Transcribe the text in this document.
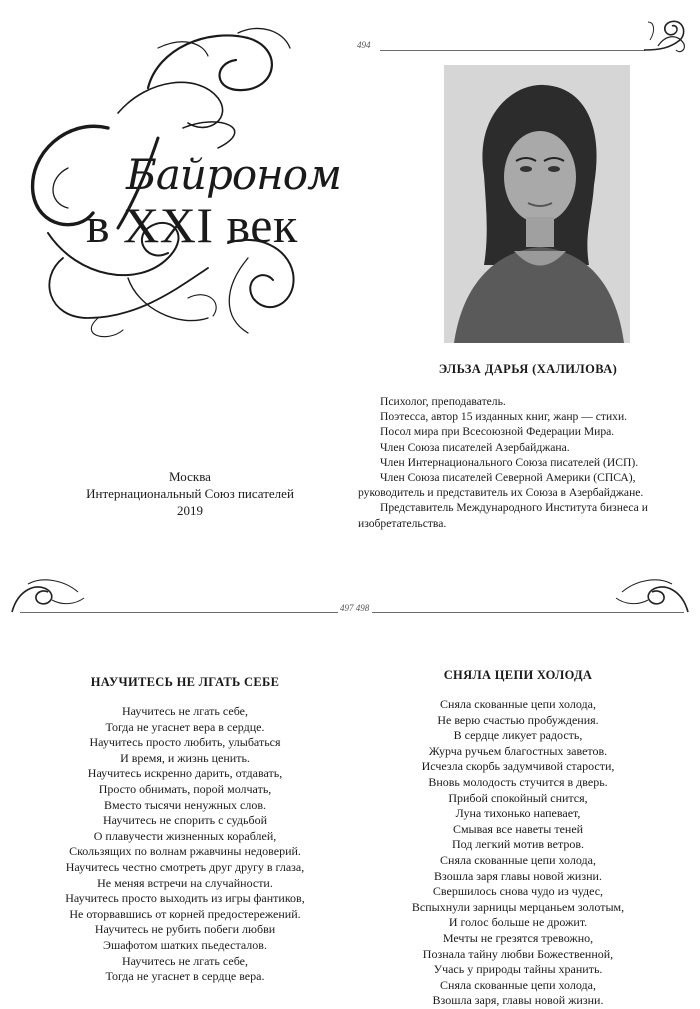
494
Байроном
в XXI век
Москва
Интернациональный Союз писателей
2019
ЭЛЬЗА ДАРЬЯ (ХАЛИЛОВА)

Психолог, преподаватель.

Поэтесса, автор 15 изданных книг, жанр — стихи.

Посол мира при Всесоюзной Федерации Мира.

Член Союза писателей Азербайджана.

Член Интернационального Союза писателей (ИСП).

Член Союза писателей Северной Америки (СПСА), руководитель и представитель их Союза в Азербайджане.

Представитель Международного Института бизнеса и изобретательства.

497 498
НАУЧИТЕСЬ НЕ ЛГАТЬ СЕБЕ
Научитесь не лгать себе,
Тогда не угаснет вера в сердце.
Научитесь просто любить, улыбаться
И время, и жизнь ценить.
Научитесь искренно дарить, отдавать,
Просто обнимать, порой молчать,
Вместо тысячи ненужных слов.
Научитесь не спорить с судьбой
О плавучести жизненных кораблей,
Скользящих по волнам ржавчины недоверий.
Научитесь честно смотреть друг другу в глаза,
Не меняя встречи на случайности.
Научитесь просто выходить из игры фантиков,
Не оторвавшись от корней предостережений.
Научитесь не рубить побеги любви
Эшафотом шатких пьедесталов.
Научитесь не лгать себе,
Тогда не угаснет в сердце вера.
СНЯЛА ЦЕПИ ХОЛОДА
Сняла скованные цепи холода,
Не верю счастью пробуждения.
В сердце ликует радость,
Журча ручьем благостных заветов.
Исчезла скорбь задумчивой старости,
Вновь молодость стучится в дверь.
Прибой спокойный снится,
Луна тихонько напевает,
Смывая все наветы теней
Под легкий мотив ветров.
Сняла скованные цепи холода,
Взошла заря главы новой жизни.
Свершилось снова чудо из чудес,
Вспыхнули зарницы мерцаньем золотым,
И голос больше не дрожит.
Мечты не грезятся тревожно,
Познала тайну любви Божественной,
Учась у природы тайны хранить.
Сняла скованные цепи холода,
Взошла заря, главы новой жизни.
